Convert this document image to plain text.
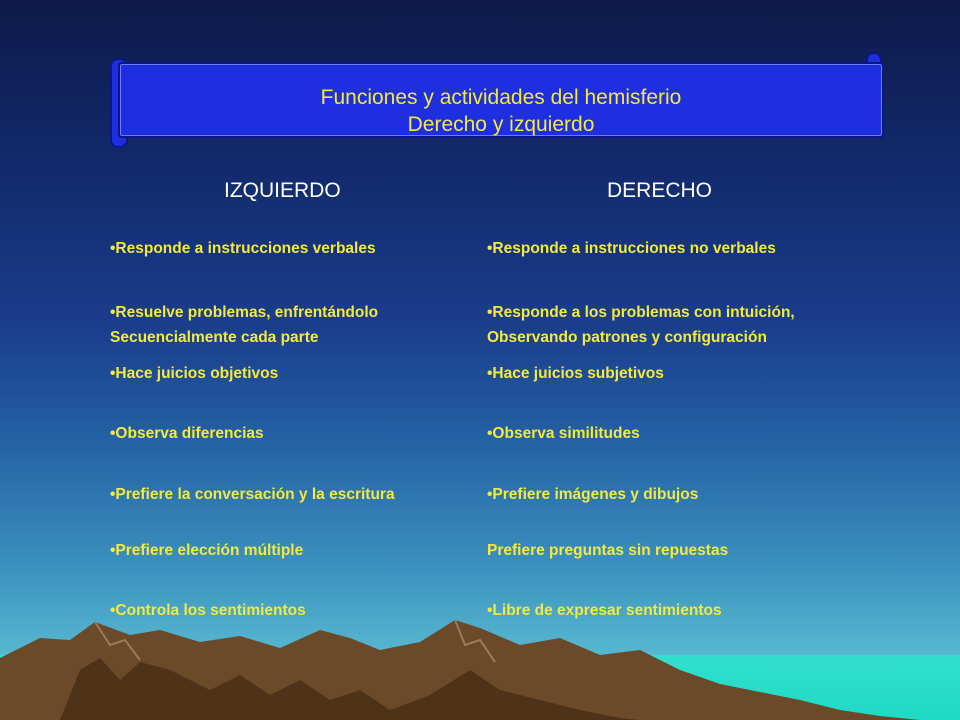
Funciones y actividades del hemisferio
Derecho y izquierdo
IZQUIERDO	DERECHO
•Responde a instrucciones verbales
•Resuelve problemas, enfrentándolo
Secuencialmente cada parte
•Hace juicios objetivos
•Observa diferencias
•Prefiere la conversación y la escritura
•Prefiere elección múltiple
•Controla los sentimientos
•Responde a instrucciones no verbales
•Responde a los problemas con intuición,
Observando patrones y configuración
•Hace juicios subjetivos
•Observa similitudes
•Prefiere imágenes y dibujos
Prefiere preguntas sin repuestas
•Libre de expresar sentimientos
